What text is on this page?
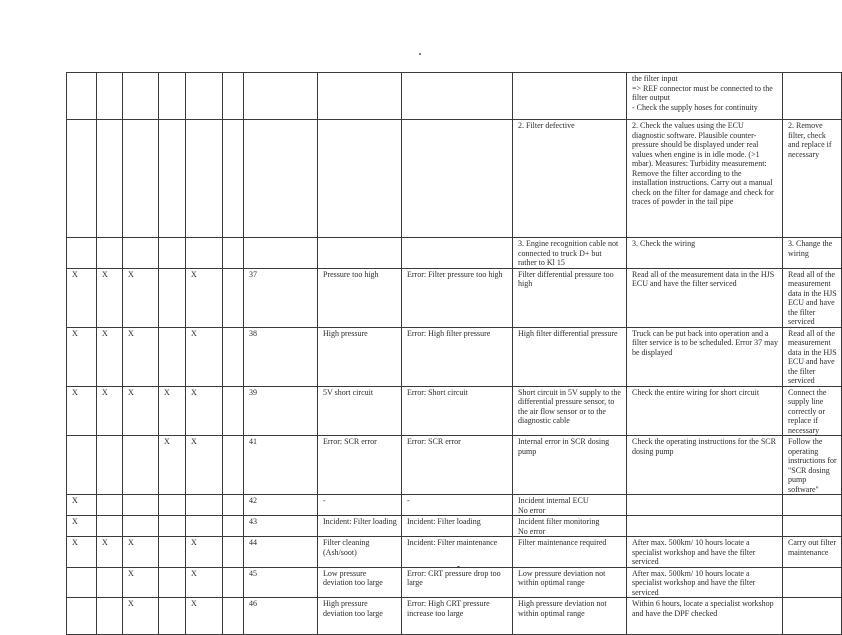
										the filter input
=> REF connector must be connected to the filter output
- Check the supply hoses for continuity	
									2. Filter defective	2. Check the values using the ECU diagnostic software. Plausible counter-pressure should be displayed under real values when engine is in idle mode. (>1 mbar). Measures: Turbidity measurement: Remove the filter according to the installation instructions. Carry out a manual check on the filter for damage and check for traces of powder in the tail pipe	2. Remove filter, check and replace if necessary
									3. Engine recognition cable not connected to truck D+ but rather to Kl 15	3. Check the wiring	3. Change the wiring
X	X	X		X		37	Pressure too high	Error: Filter pressure too high	Filter differential pressure too high	Read all of the measurement data in the HJS ECU and have the filter serviced	Read all of the measurement data in the HJS ECU and have the filter serviced
X	X	X		X		38	High pressure	Error: High filter pressure	High filter differential pressure	Truck can be put back into operation and a filter service is to be scheduled. Error 37 may be displayed	Read all of the measurement data in the HJS ECU and have the filter serviced
X	X	X	X	X		39	5V short circuit	Error: Short circuit	Short circuit in 5V supply to the differential pressure sensor, to the air flow sensor or to the diagnostic cable	Check the entire wiring for short circuit	Connect the supply line correctly or replace if necessary
			X	X		41	Error: SCR error	Error: SCR error	Internal error in SCR dosing pump	Check the operating instructions for the SCR dosing pump	Follow the operating instructions for "SCR dosing pump software"
X						42	-	-	Incident internal ECU
No error		
X						43	Incident: Filter loading	Incident: Filter loading	Incident filter monitoring
No error		
X	X	X		X		44	Filter cleaning (Ash/soot)	Incident: Filter maintenance	Filter maintenance required	After max. 500km/ 10 hours locate a specialist workshop and have the filter serviced	Carry out filter maintenance
		X		X		45	Low pressure deviation too large	Error: CRT pressure drop too large	Low pressure deviation not within optimal range	After max. 500km/ 10 hours locate a specialist workshop and have the filter serviced	
		X		X		46	High pressure deviation too large	Error: High CRT pressure increase too large	High pressure deviation not within optimal range	Within 6 hours, locate a specialist workshop and have the DPF checked	
